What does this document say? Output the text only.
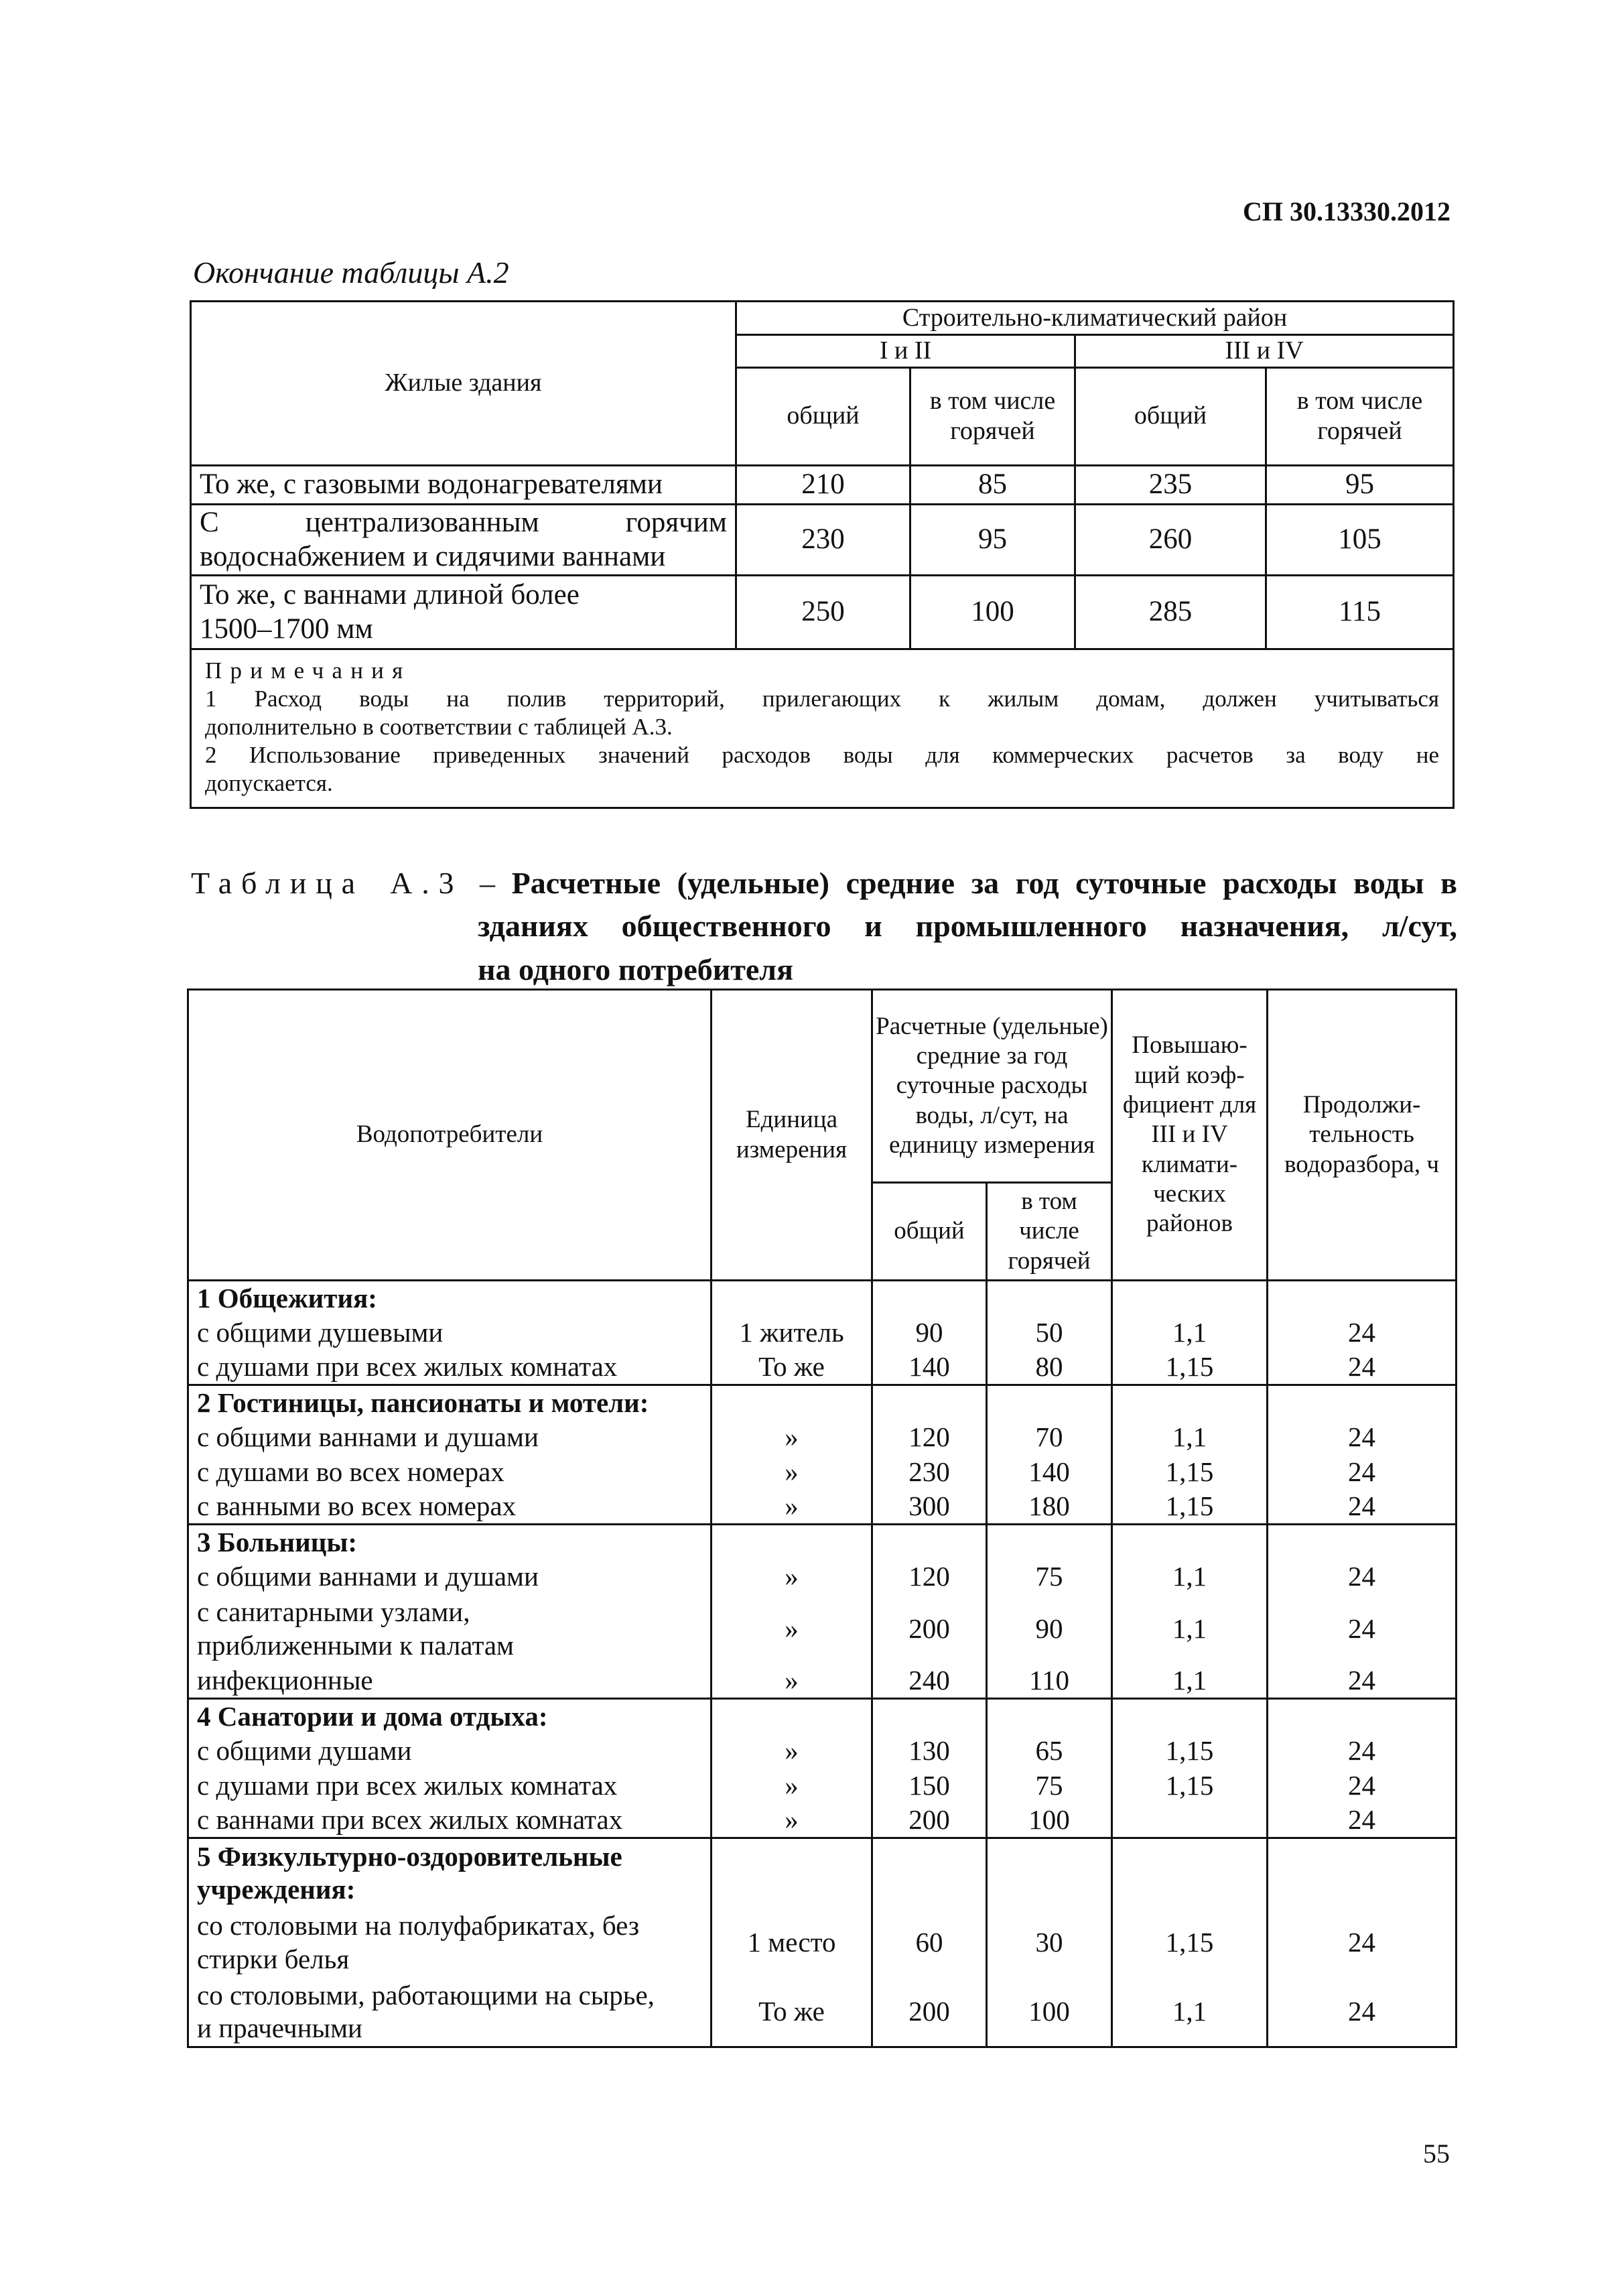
СП 30.13330.2012
Окончание таблицы А.2
Жилые здания	Строительно-климатический район			
	I и II		III и IV	
	общий	в том числе горячей	общий	в том числе горячей
То же, с газовыми водонагревателями	210	85	235	95

С централизованным горячим
водоснабжением и сидячими ваннами	230	95	260	105

То же, с ваннами длиной более
1500–1700 мм	250	100	285	115

Примечания
1 Расход воды на полив территорий, прилегающих к жилым домам, должен учитываться
дополнительно в соответствии с таблицей А.3.
2 Использование приведенных значений расходов воды для коммерческих расчетов за воду не
допускается.				
Таблица А.3 – Расчетные (удельные) средние за год суточные расходы воды в
зданиях общественного и промышленного назначения, л/сут,
на одного потребителя
Водопотребители	Единица измерения	Расчетные (удельные) средние за год суточные расходы воды, л/сут, на единицу измерения		Повышаю-щий коэф-фициент для III и IV климати-ческих районов	Продолжи-тельность водоразбора, ч
		общий	в том числе горячей		
1 Общежития:					
с общими душевыми	1 житель	90	50	1,1	24
с душами при всех жилых комнатах	То же	140	80	1,15	24
2 Гостиницы, пансионаты и мотели:					
с общими ваннами и душами	»	120	70	1,1	24
с душами во всех номерах	»	230	140	1,15	24
с ванными во всех номерах	»	300	180	1,15	24
3 Больницы:					
с общими ваннами и душами	»	120	75	1,1	24

с санитарными узлами,
приближенными к палатам	»	200	90	1,1	24
инфекционные	»	240	110	1,1	24
4 Санатории и дома отдыха:					
с общими душами	»	130	65	1,15	24
с душами при всех жилых комнатах	»	150	75	1,15	24
с ваннами при всех жилых комнатах	»	200	100		24

5 Физкультурно-оздоровительные
учреждения:					

со столовыми на полуфабрикатах, без
стирки белья	1 место	60	30	1,15	24

со столовыми, работающими на сырье,
и прачечными	То же	200	100	1,1	24
55
